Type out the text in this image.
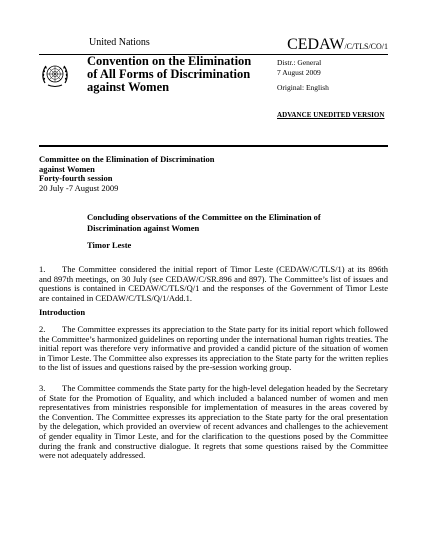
United Nations	CEDAW/C/TLS/CO/1
Convention on the Elimination of All Forms of Discrimination against Women
Distr.: General
7 August 2009
Original: English
ADVANCE UNEDITED VERSION
Committee on the Elimination of Discrimination against Women
Forty-fourth session
20 July -7 August 2009
Concluding observations of the Committee on the Elimination of Discrimination against Women
Timor Leste
1. The Committee considered the initial report of Timor Leste (CEDAW/C/TLS/1) at its 896th and 897th meetings, on 30 July (see CEDAW/C/SR.896 and 897). The Committee’s list of issues and questions is contained in CEDAW/C/TLS/Q/1 and the responses of the Government of Timor Leste are contained in CEDAW/C/TLS/Q/1/Add.1.
Introduction
2. The Committee expresses its appreciation to the State party for its initial report which followed the Committee’s harmonized guidelines on reporting under the international human rights treaties. The initial report was therefore very informative and provided a candid picture of the situation of women in Timor Leste. The Committee also expresses its appreciation to the State party for the written replies to the list of issues and questions raised by the pre-session working group.
3. The Committee commends the State party for the high-level delegation headed by the Secretary of State for the Promotion of Equality, and which included a balanced number of women and men representatives from ministries responsible for implementation of measures in the areas covered by the Convention. The Committee expresses its appreciation to the State party for the oral presentation by the delegation, which provided an overview of recent advances and challenges to the achievement of gender equality in Timor Leste, and for the clarification to the questions posed by the Committee during the frank and constructive dialogue. It regrets that some questions raised by the Committee were not adequately addressed.
